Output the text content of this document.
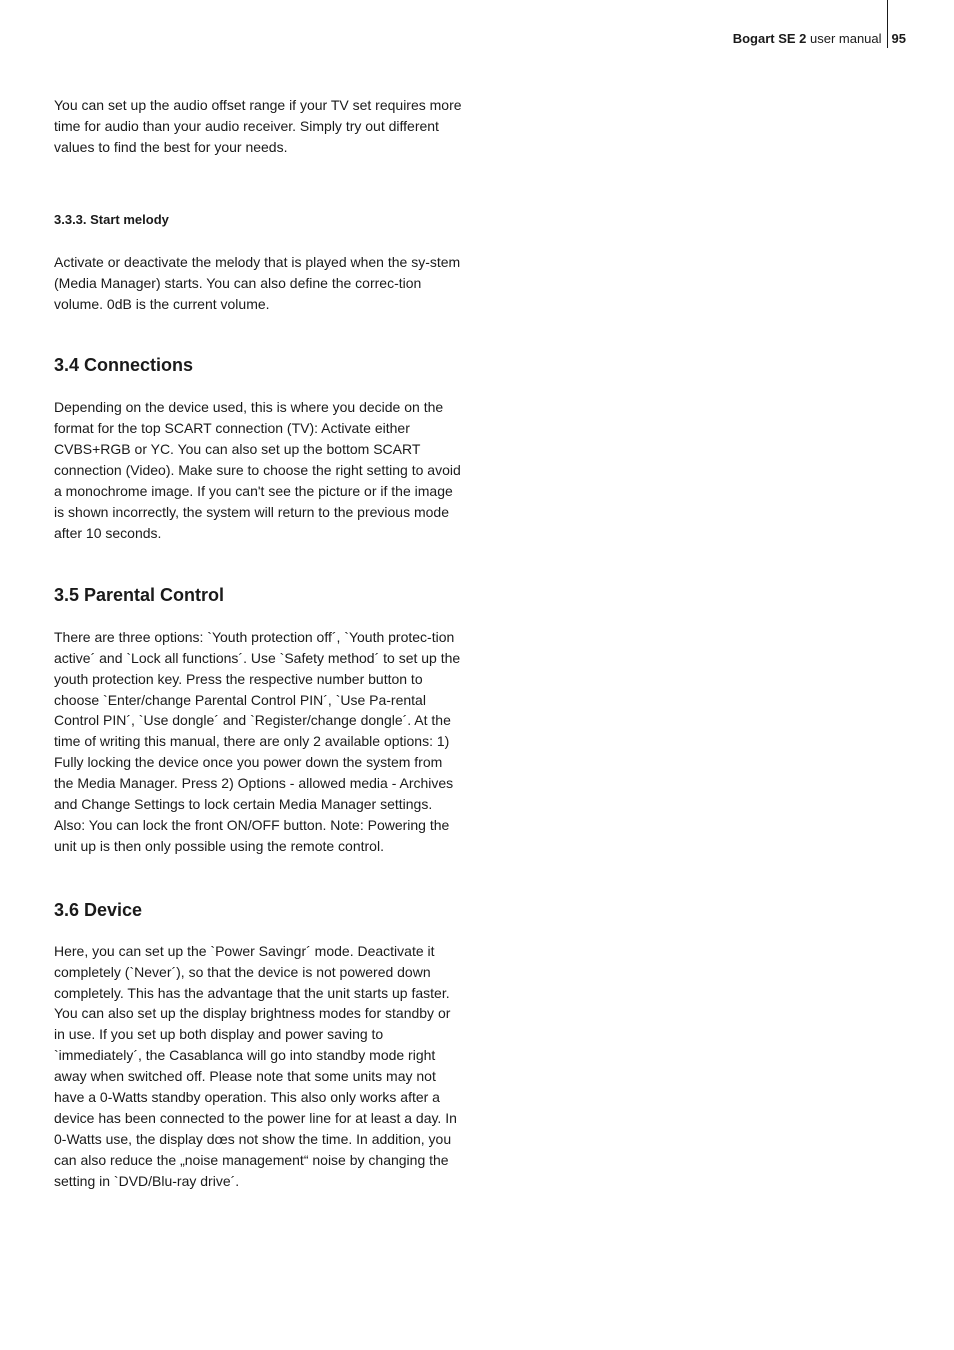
Bogart SE 2 user manual 95

You can set up the audio offset range if your TV set requires more time for audio than your audio receiver. Simply try out different values to find the best for your needs.

3.3.3. Start melody

Activate or deactivate the melody that is played when the sy-stem (Media Manager) starts. You can also define the correc-tion volume. 0dB is the current volume.

3.4 Connections

Depending on the device used, this is where you decide on the format for the top SCART connection (TV): Activate either CVBS+RGB or YC. You can also set up the bottom SCART connection (Video). Make sure to choose the right setting to avoid a monochrome image. If you can't see the picture or if the image is shown incorrectly, the system will return to the previous mode after 10 seconds.

3.5 Parental Control

There are three options: `Youth protection off´, `Youth protec-tion active´ and `Lock all functions´. Use `Safety method´ to set up the youth protection key. Press the respective number button to choose `Enter/change Parental Control PIN´, `Use Pa-rental Control PIN´, `Use dongle´ and `Register/change dongle´. At the time of writing this manual, there are only 2 available options: 1) Fully locking the device once you power down the system from the Media Manager. Press 2) Options - allowed media - Archives and Change Settings to lock certain Media Manager settings. Also: You can lock the front ON/OFF button. Note: Powering the unit up is then only possible using the remote control.

3.6 Device

Here, you can set up the `Power Savingr´ mode. Deactivate it completely (`Never´), so that the device is not powered down completely. This has the advantage that the unit starts up faster. You can also set up the display brightness modes for standby or in use. If you set up both display and power saving to `immediately´, the Casablanca will go into standby mode right away when switched off. Please note that some units may not have a 0-Watts standby operation. This also only works after a device has been connected to the power line for at least a day. In 0-Watts use, the display dœs not show the time. In addition, you can also reduce the „noise management“ noise by changing the setting in `DVD/Blu-ray drive´.
